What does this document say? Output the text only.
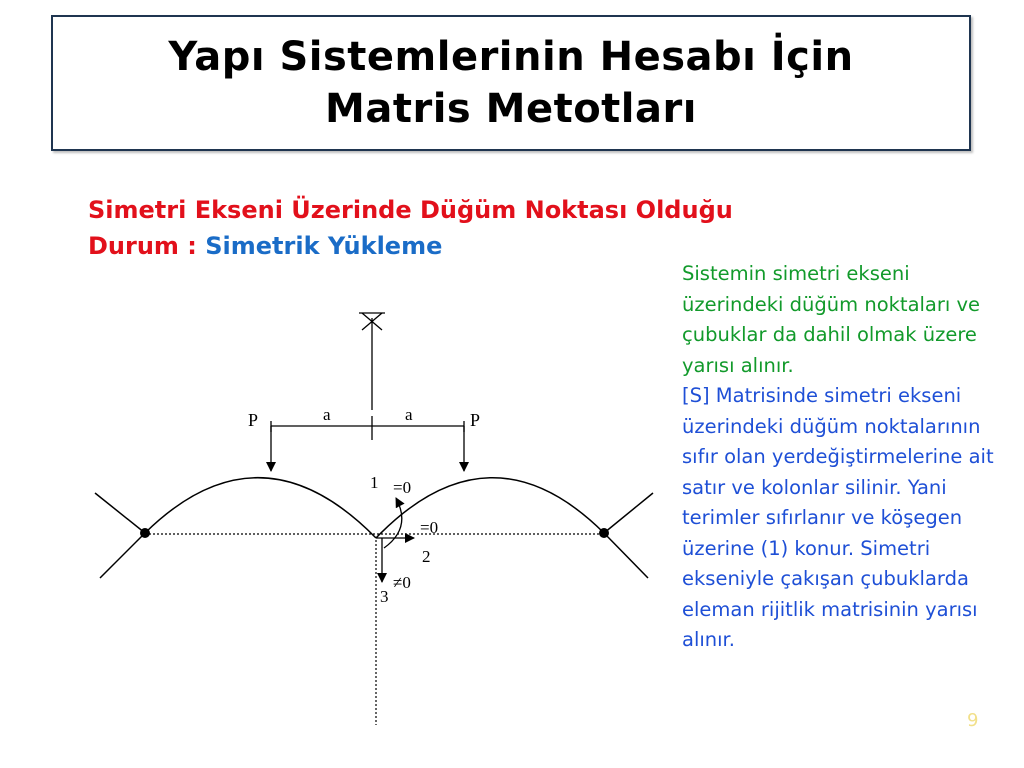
Yapı Sistemlerinin Hesabı İçin
Matris Metotları
Simetri Ekseni Üzerinde Düğüm Noktası Olduğu
Durum : Simetrik Yükleme
P	P
a	a
1 =0
=0
2
≠0
3
Sistemin simetri ekseni üzerindeki düğüm noktaları ve çubuklar da dahil olmak üzere yarısı alınır.
[S] Matrisinde simetri ekseni üzerindeki düğüm noktalarının sıfır olan yerdeğiştirmelerine ait satır ve kolonlar silinir. Yani terimler sıfırlanır ve köşegen üzerine (1) konur. Simetri ekseniyle çakışan çubuklarda eleman rijitlik matrisinin yarısı alınır.
9
